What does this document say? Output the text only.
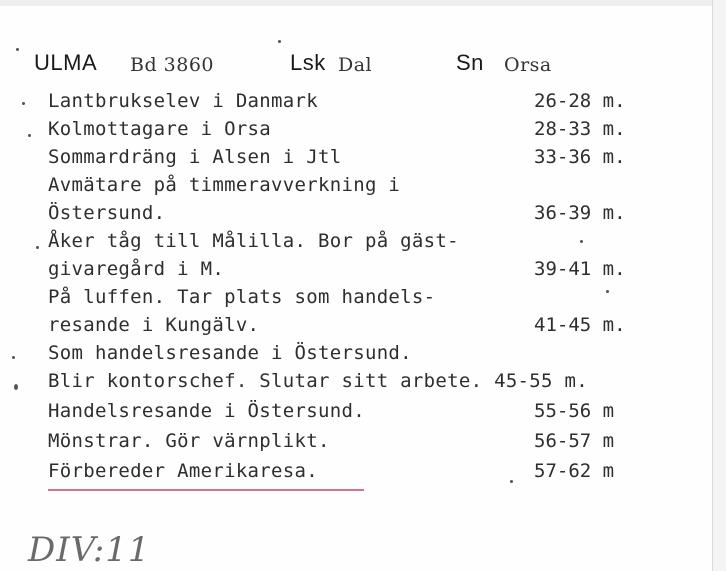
ULMA Bd 3860	Lsk Dal	Sn Orsa
Lantbrukselev i Danmark	26-28 m.
Kolmottagare i Orsa	28-33 m.
Sommardräng i Alsen i Jtl	33-36 m.
Avmätare på timmeravverkning i
Östersund.	36-39 m.
Åker tåg till Målilla. Bor på gäst-
givaregård i M.	39-41 m.
På luffen. Tar plats som handels-
resande i Kungälv.	41-45 m.
Som handelsresande i Östersund.
Blir kontorschef. Slutar sitt arbete. 45-55 m.
Handelsresande i Östersund.	55-56 m
Mönstrar. Gör värnplikt.	56-57 m
Förbereder Amerikaresa.	57-62 m
DIV:11
